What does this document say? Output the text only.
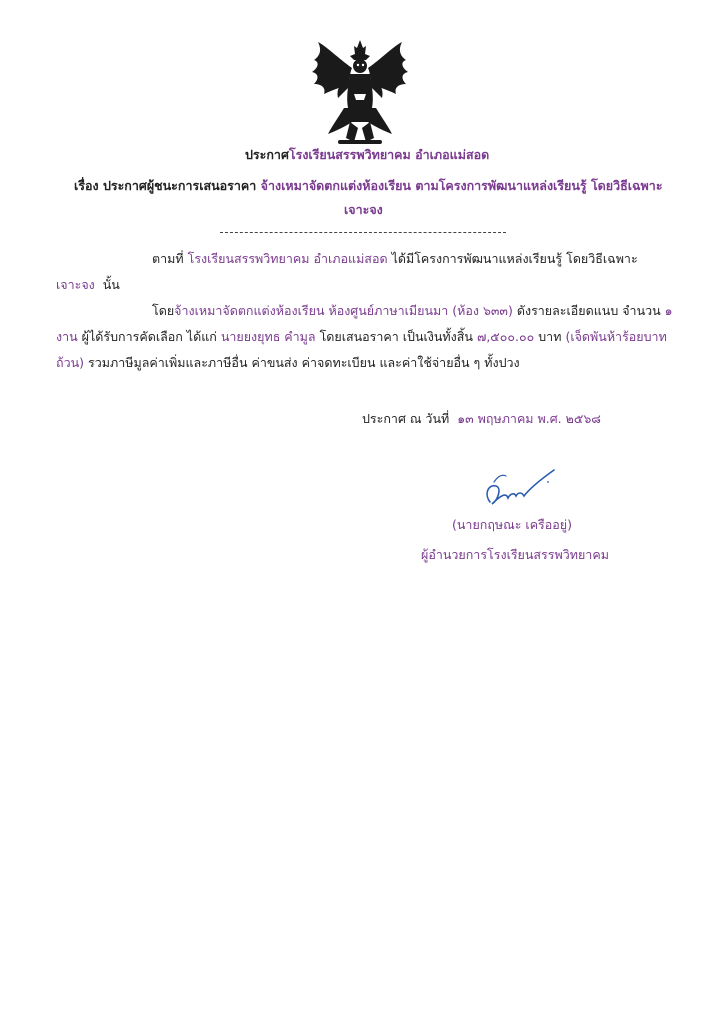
ประกาศโรงเรียนสรรพวิทยาคม อำเภอแม่สอด
เรื่อง ประกาศผู้ชนะการเสนอราคา จ้างเหมาจัดตกแต่งห้องเรียน ตามโครงการพัฒนาแหล่งเรียนรู้ โดยวิธีเฉพาะ
เจาะจง
ตามที่ โรงเรียนสรรพวิทยาคม อำเภอแม่สอด ได้มีโครงการพัฒนาแหล่งเรียนรู้ โดยวิธีเฉพาะ
เจาะจง นั้น
โดยจ้างเหมาจัดตกแต่งห้องเรียน ห้องศูนย์ภาษาเมียนมา (ห้อง ๖๓๓) ดังรายละเอียดแนบ จำนวน ๑
งาน ผู้ได้รับการคัดเลือก ได้แก่ นายยงยุทธ คำมูล โดยเสนอราคา เป็นเงินทั้งสิ้น ๗,๕๐๐.๐๐ บาท (เจ็ดพันห้าร้อยบาท
ถ้วน) รวมภาษีมูลค่าเพิ่มและภาษีอื่น ค่าขนส่ง ค่าจดทะเบียน และค่าใช้จ่ายอื่น ๆ ทั้งปวง
ประกาศ ณ วันที่ ๑๓ พฤษภาคม พ.ศ. ๒๕๖๘
(นายกฤษณะ เครืออยู่)
ผู้อำนวยการโรงเรียนสรรพวิทยาคม
